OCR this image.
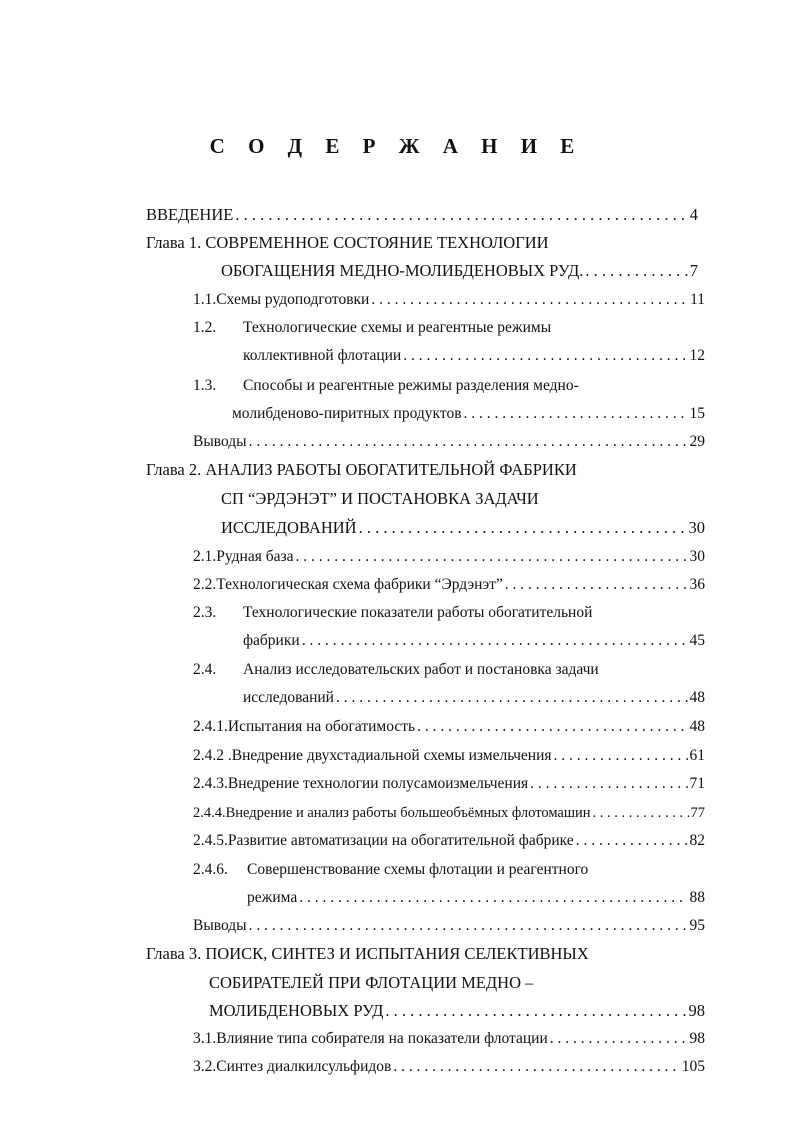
С О Д Е Р Ж А Н И Е
ВВЕДЕНИЕ . . .	4
Глава 1. СОВРЕМЕННОЕ СОСТОЯНИЕ ТЕХНОЛОГИИ
ОБОГАЩЕНИЯ МЕДНО-МОЛИБДЕНОВЫХ РУД. . . .	7
1.1. Схемы рудоподготовки . . .	11
1.2.	Технологические схемы и реагентные режимы
коллективной флотации . . .	12
1.3.	Способы и реагентные режимы разделения медно-
молибденово-пиритных продуктов . . .	15
Выводы . . .	29
Глава 2. АНАЛИЗ РАБОТЫ ОБОГАТИТЕЛЬНОЙ ФАБРИКИ
СП “ЭРДЭНЭТ” И ПОСТАНОВКА ЗАДАЧИ
ИССЛЕДОВАНИЙ . . .	30
2.1. Рудная база . . .	30
2.2. Технологическая схема фабрики “Эрдэнэт” . . .	36
2.3.	Технологические показатели работы обогатительной
фабрики . . .	45
2.4.	Анализ исследовательских работ и постановка задачи
исследований . . .	48
2.4.1. Испытания на обогатимость . . .	48
2.4.2 . Внедрение двухстадиальной схемы измельчения . . .	61
2.4.3. Внедрение технологии полусамоизмельчения . . .	71
2.4.4. Внедрение и анализ работы большеобъёмных флотомашин . . .	77
2.4.5. Развитие автоматизации на обогатительной фабрике . . .	82
2.4.6.	Совершенствование схемы флотации и реагентного
режима . . .	88
Выводы . . .	95
Глава 3. ПОИСК, СИНТЕЗ И ИСПЫТАНИЯ СЕЛЕКТИВНЫХ
СОБИРАТЕЛЕЙ ПРИ ФЛОТАЦИИ МЕДНО –
МОЛИБДЕНОВЫХ РУД . . .	98
3.1. Влияние типа собирателя на показатели флотации . . .	98
3.2. Синтез диалкилсульфидов . . .	105
